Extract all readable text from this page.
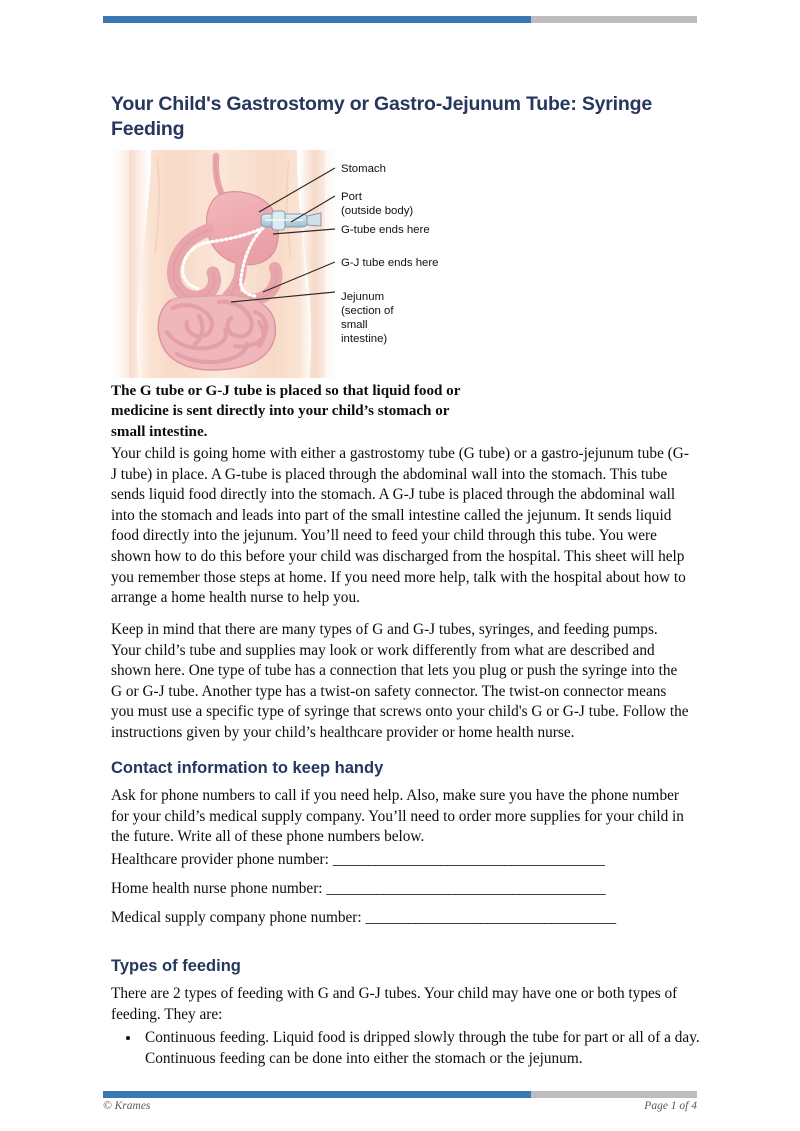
Your Child's Gastrostomy or Gastro-Jejunum Tube: Syringe Feeding
Stomach
Port
(outside body)
G-tube ends here
G-J tube ends here
Jejunum
(section of
small
intestine)
The G tube or G-J tube is placed so that liquid food or medicine is sent directly into your child’s stomach or small intestine.
Your child is going home with either a gastrostomy tube (G tube) or a gastro-jejunum tube (G-J tube) in place. A G-tube is placed through the abdominal wall into the stomach. This tube sends liquid food directly into the stomach. A G-J tube is placed through the abdominal wall into the stomach and leads into part of the small intestine called the jejunum. It sends liquid food directly into the jejunum. You’ll need to feed your child through this tube. You were shown how to do this before your child was discharged from the hospital. This sheet will help you remember those steps at home. If you need more help, talk with the hospital about how to arrange a home health nurse to help you.
Keep in mind that there are many types of G and G-J tubes, syringes, and feeding pumps. Your child’s tube and supplies may look or work differently from what are described and shown here. One type of tube has a connection that lets you plug or push the syringe into the G or G-J tube. Another type has a twist-on safety connector. The twist-on connector means you must use a specific type of syringe that screws onto your child's G or G-J tube. Follow the instructions given by your child’s healthcare provider or home health nurse.
Contact information to keep handy
Ask for phone numbers to call if you need help. Also, make sure you have the phone number for your child’s medical supply company. You’ll need to order more supplies for your child in the future. Write all of these phone numbers below.
Healthcare provider phone number: ______________________________________
Home health nurse phone number: _______________________________________
Medical supply company phone number: ___________________________________
Types of feeding
There are 2 types of feeding with G and G-J tubes. Your child may have one or both types of feeding. They are:
• Continuous feeding. Liquid food is dripped slowly through the tube for part or all of a day. Continuous feeding can be done into either the stomach or the jejunum.
© Krames	Page 1 of 4
